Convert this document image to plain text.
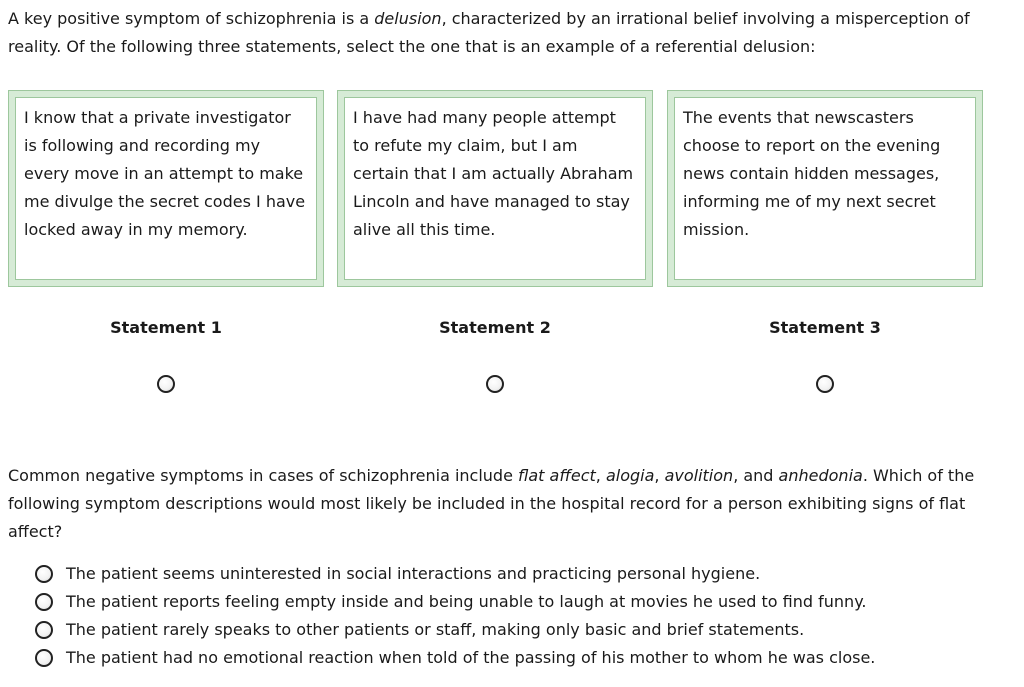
A key positive symptom of schizophrenia is a delusion, characterized by an irrational belief involving a misperception of reality. Of the following three statements, select the one that is an example of a referential delusion:
I know that a private investigator is following and recording my every move in an attempt to make me divulge the secret codes I have locked away in my memory.
I have had many people attempt to refute my claim, but I am certain that I am actually Abraham Lincoln and have managed to stay alive all this time.
The events that newscasters choose to report on the evening news contain hidden messages, informing me of my next secret mission.
Statement 1	Statement 2	Statement 3
Common negative symptoms in cases of schizophrenia include flat affect, alogia, avolition, and anhedonia. Which of the following symptom descriptions would most likely be included in the hospital record for a person exhibiting signs of flat affect?
The patient seems uninterested in social interactions and practicing personal hygiene.
The patient reports feeling empty inside and being unable to laugh at movies he used to find funny.
The patient rarely speaks to other patients or staff, making only basic and brief statements.
The patient had no emotional reaction when told of the passing of his mother to whom he was close.
